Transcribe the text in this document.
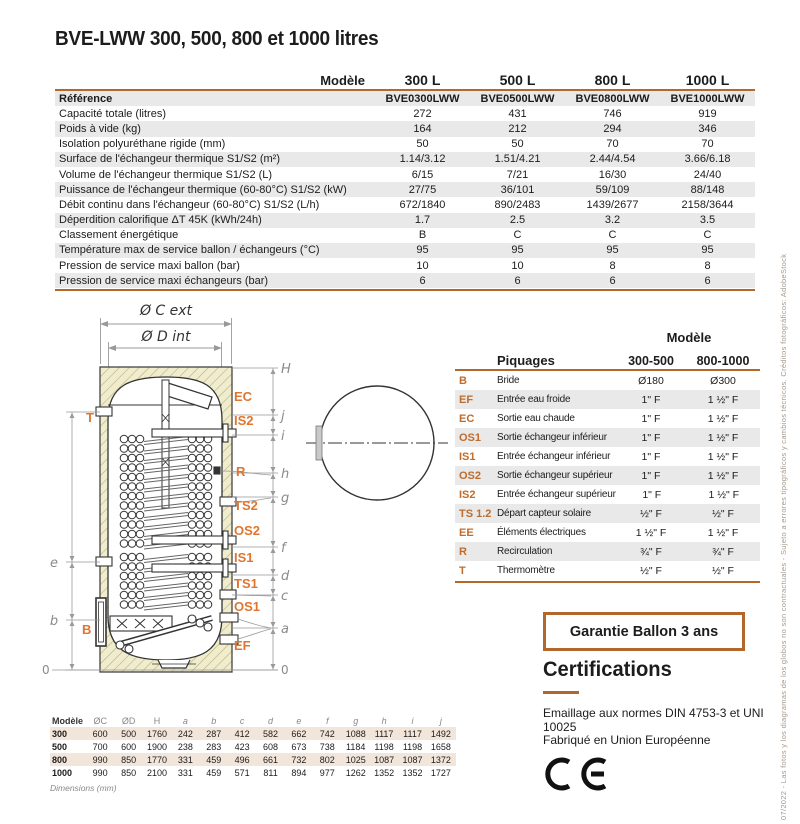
BVE-LWW 300, 500, 800 et 1000 litres
Modèle	300 L	500 L	800 L	1000 L
Référence	BVE0300LWW	BVE0500LWW	BVE0800LWW	BVE1000LWW
Capacité totale (litres)	272	431	746	919
Poids à vide (kg)	164	212	294	346
Isolation polyuréthane rigide (mm)	50	50	70	70
Surface de l'échangeur thermique S1/S2 (m²)	1.14/3.12	1.51/4.21	2.44/4.54	3.66/6.18
Volume de l'échangeur thermique S1/S2 (L)	6/15	7/21	16/30	24/40
Puissance de l'échangeur thermique (60-80°C) S1/S2 (kW)	27/75	36/101	59/109	88/148
Débit continu dans l'échangeur (60-80°C) S1/S2 (L/h)	672/1840	890/2483	1439/2677	2158/3644
Déperdition calorifique ΔT 45K (kWh/24h)	1.7	2.5	3.2	3.5
Classement énergétique	B	C	C	C
Température max de service ballon / échangeurs (°C)	95	95	95	95
Pression de service maxi ballon (bar)	10	10	8	8
Pression de service maxi échangeurs (bar)	6	6	6	6
Ø C ext
Ø D int
EC
IS2
R
TS2
OS2
IS1
TS1
OS1
EF
T
B
H
j
i
h
g
f
d
c
a
e
b
0
0
Modèle
Piquages	300-500	800-1000
B	Bride	Ø180	Ø300
EF	Entrée eau froide	1" F	1 ½" F
EC	Sortie eau chaude	1" F	1 ½" F
OS1	Sortie échangeur inférieur	1" F	1 ½" F
IS1	Entrée échangeur inférieur	1" F	1 ½" F
OS2	Sortie échangeur supérieur	1" F	1 ½" F
IS2	Entrée échangeur supérieur	1" F	1 ½" F
TS 1.2 Départ capteur solaire	½" F	½" F
EE	Éléments électriques	1 ½" F	1 ½" F
R	Recirculation	¾" F	¾" F
T	Thermomètre	½" F	½" F
Garantie Ballon 3 ans
Certifications

Emaillage aux normes DIN 4753-3 et UNI 10025

Fabriqué en Union Européenne

Modèle	ØC	ØD	H	a	b	c	d	e	f	g	h	i	j
300	600	500	1760	242	287	412	582	662	742	1088	1117	1117	1492
500	700	600	1900	238	283	423	608	673	738	1184	1198	1198 1658
800	990	850	1770	331	459	496	661	732	802	1025 1087 1087 1372
1000	990	850	2100	331	459	571	811	894	977	1262 1352 1352 1727
Dimensions (mm)	07/2022 - Las fotos y los diagramas de los globos no son contractuales - Sujeto a errores tipográficos y cambios técnicos. Créditos fotográficos: AdobeStock
